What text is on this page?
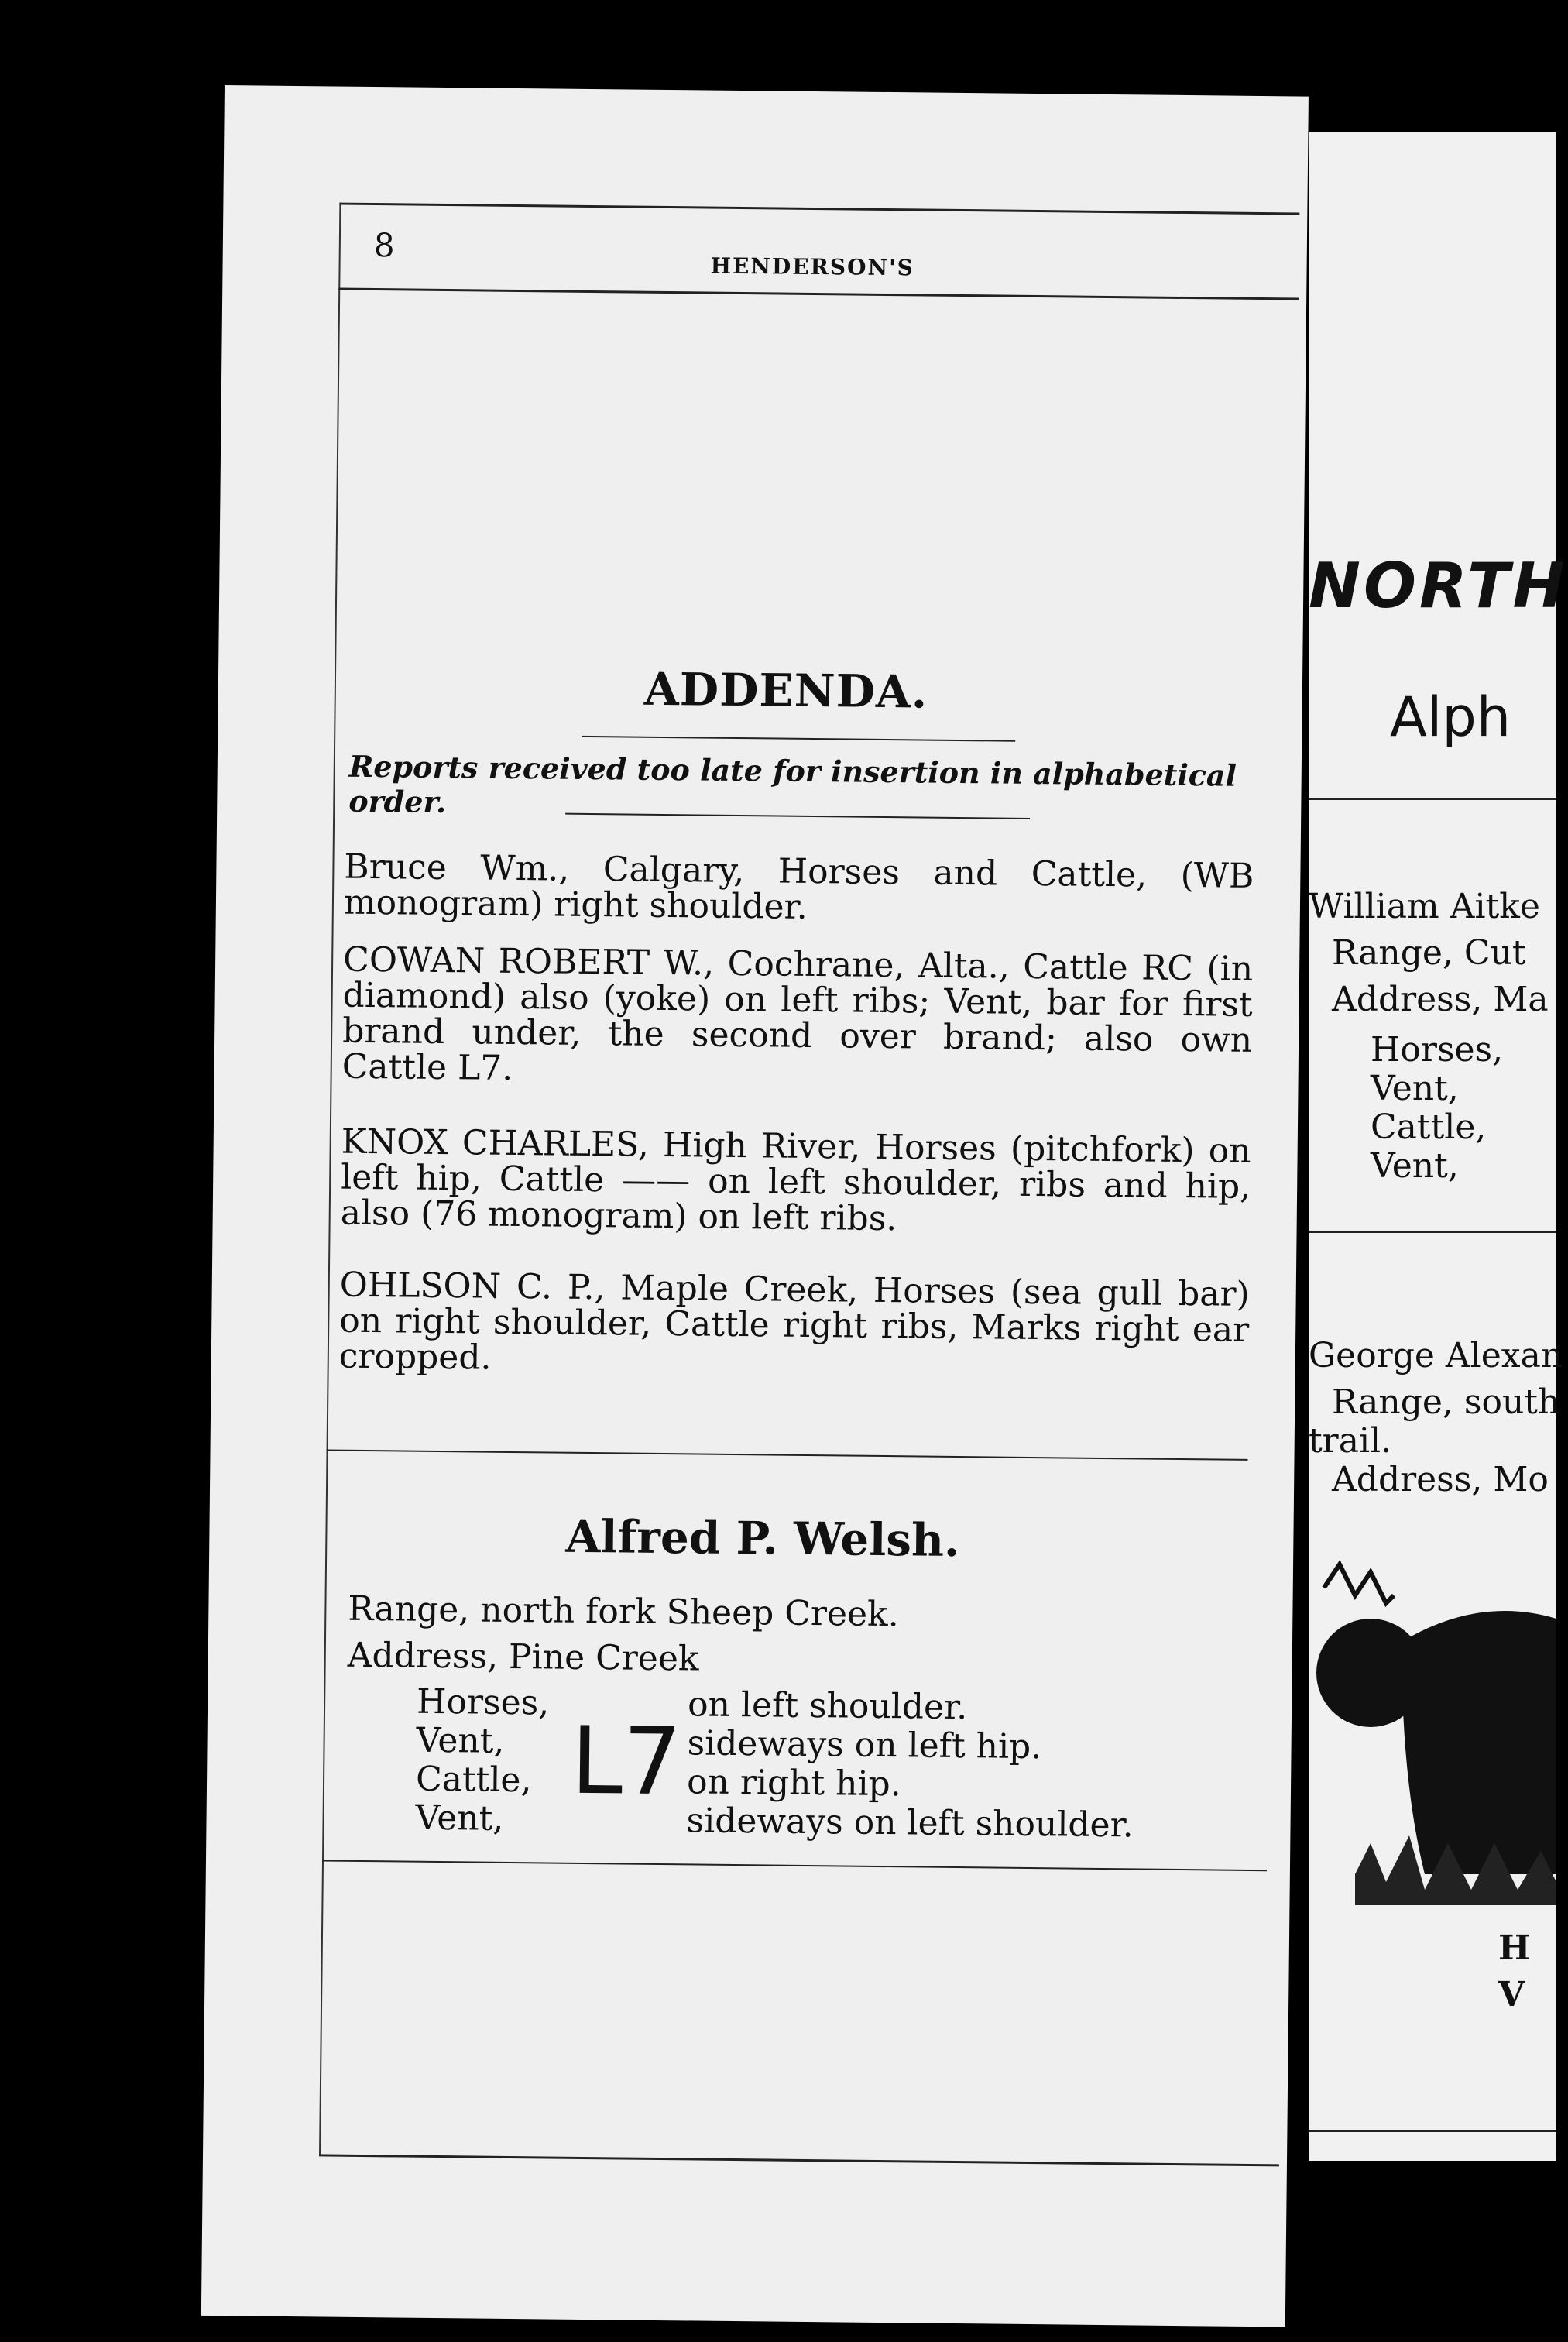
8
HENDERSON'S
ADDENDA.
Reports received too late for insertion in alphabetical order.
Bruce Wm., Calgary, Horses and Cattle, (WB monogram) right shoulder.
COWAN ROBERT W., Cochrane, Alta., Cattle RC (in diamond) also (yoke) on left ribs; Vent, bar for first brand under, the second over brand; also own Cattle L7.
KNOX CHARLES, High River, Horses (pitchfork) on left hip, Cattle —— on left shoulder, ribs and hip, also (76 monogram) on left ribs.
OHLSON C. P., Maple Creek, Horses (sea gull bar) on right shoulder, Cattle right ribs, Marks right ear cropped.
Alfred P. Welsh.
Range, north fork Sheep Creek.
Address, Pine Creek
Horses,
Vent,
Cattle,
Vent,
L7
on left shoulder.
sideways on left hip.
on right hip.
sideways on left shoulder.
NORTH
Alph
William Aitke
Range, Cut
Address, Ma
Horses,
Vent,
Cattle,
Vent,
George Alexan
Range, south
trail.
Address, Mo
H
V
